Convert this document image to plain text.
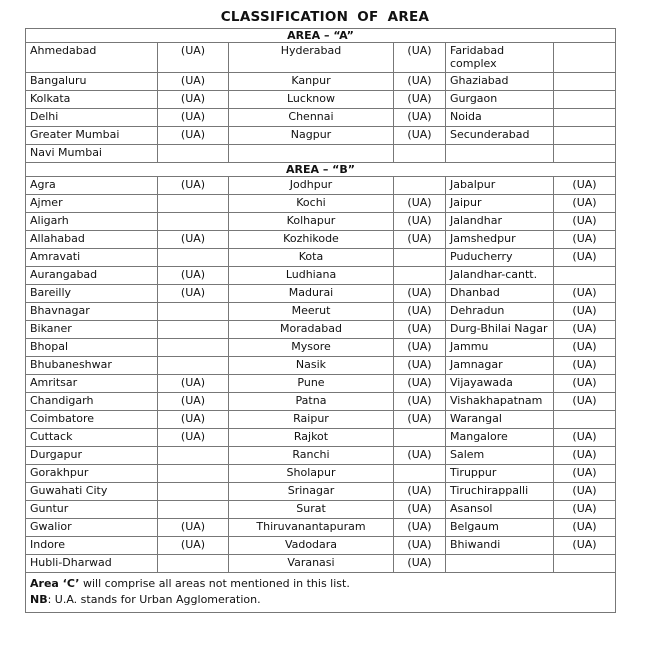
CLASSIFICATION OF AREA
AREA – “A”					
Ahmedabad	(UA)	Hyderabad	(UA)	Faridabad complex	
Bangaluru	(UA)	Kanpur	(UA)	Ghaziabad	
Kolkata	(UA)	Lucknow	(UA)	Gurgaon	
Delhi	(UA)	Chennai	(UA)	Noida	
Greater Mumbai	(UA)	Nagpur	(UA)	Secunderabad	
Navi Mumbai					
AREA – “B”					
Agra	(UA)	Jodhpur		Jabalpur	(UA)
Ajmer		Kochi	(UA)	Jaipur	(UA)
Aligarh		Kolhapur	(UA)	Jalandhar	(UA)
Allahabad	(UA)	Kozhikode	(UA)	Jamshedpur	(UA)
Amravati		Kota		Puducherry	(UA)
Aurangabad	(UA)	Ludhiana		Jalandhar-cantt.	
Bareilly	(UA)	Madurai	(UA)	Dhanbad	(UA)
Bhavnagar		Meerut	(UA)	Dehradun	(UA)
Bikaner		Moradabad	(UA)	Durg-Bhilai Nagar	(UA)
Bhopal		Mysore	(UA)	Jammu	(UA)
Bhubaneshwar		Nasik	(UA)	Jamnagar	(UA)
Amritsar	(UA)	Pune	(UA)	Vijayawada	(UA)
Chandigarh	(UA)	Patna	(UA)	Vishakhapatnam	(UA)
Coimbatore	(UA)	Raipur	(UA)	Warangal	
Cuttack	(UA)	Rajkot		Mangalore	(UA)
Durgapur		Ranchi	(UA)	Salem	(UA)
Gorakhpur		Sholapur		Tiruppur	(UA)
Guwahati City		Srinagar	(UA)	Tiruchirappalli	(UA)
Guntur		Surat	(UA)	Asansol	(UA)
Gwalior	(UA)	Thiruvanantapuram	(UA)	Belgaum	(UA)
Indore	(UA)	Vadodara	(UA)	Bhiwandi	(UA)
Hubli-Dharwad		Varanasi	(UA)		

Area ‘C’ will comprise all areas not mentioned in this list.
NB: U.A. stands for Urban Agglomeration.					
